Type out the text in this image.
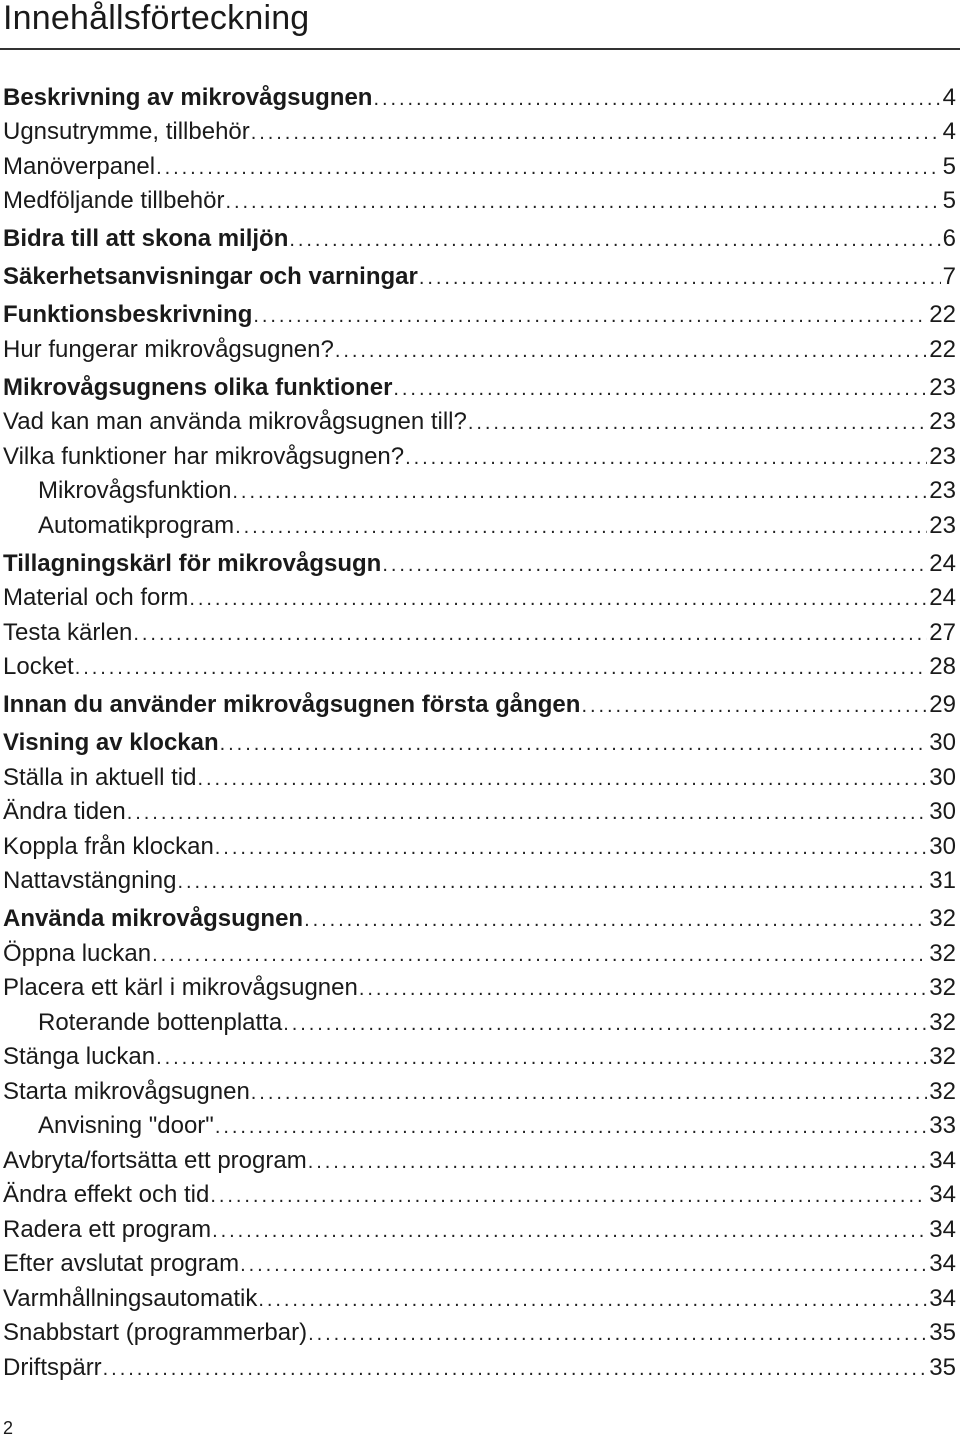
Innehållsförteckning
Beskrivning av mikrovågsugnen . . .	4
Ugnsutrymme, tillbehör . . .	4
Manöverpanel . . .	5
Medföljande tillbehör . . .	5
Bidra till att skona miljön . . .	6
Säkerhetsanvisningar och varningar . . .	7
Funktionsbeskrivning . . .	22
Hur fungerar mikrovågsugnen? . . .	22
Mikrovågsugnens olika funktioner . . .	23
Vad kan man använda mikrovågsugnen till? . . .	23
Vilka funktioner har mikrovågsugnen? . . .	23
Mikrovågsfunktion . . .	23
Automatikprogram . . .	23
Tillagningskärl för mikrovågsugn . . .	24
Material och form . . .	24
Testa kärlen . . .	27
Locket . . .	28
Innan du använder mikrovågsugnen första gången . . .	29
Visning av klockan . . .	30
Ställa in aktuell tid . . .	30
Ändra tiden . . .	30
Koppla från klockan . . .	30
Nattavstängning . . .	31
Använda mikrovågsugnen . . .	32
Öppna luckan . . .	32
Placera ett kärl i mikrovågsugnen . . .	32
Roterande bottenplatta . . .	32
Stänga luckan . . .	32
Starta mikrovågsugnen . . .	32
Anvisning "door" . . .	33
Avbryta/fortsätta ett program . . .	34
Ändra effekt och tid . . .	34
Radera ett program . . .	34
Efter avslutat program . . .	34
Varmhållningsautomatik . . .	34
Snabbstart (programmerbar) . . .	35
Driftspärr . . .	35
2
